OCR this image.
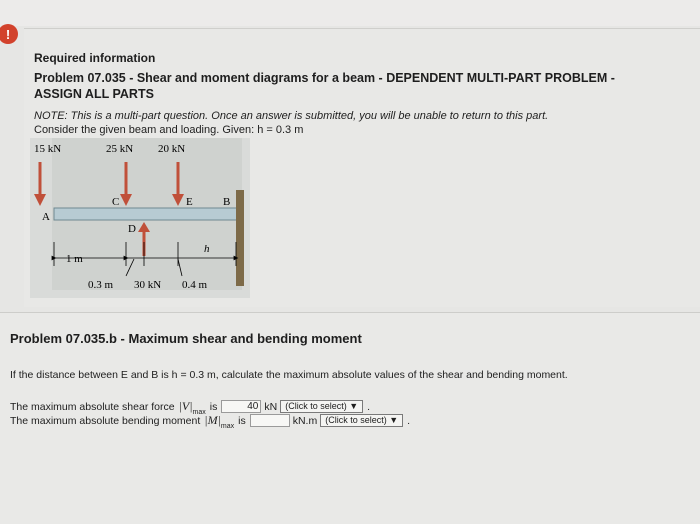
!
Required information
Problem 07.035 - Shear and moment diagrams for a beam - DEPENDENT MULTI-PART PROBLEM - ASSIGN ALL PARTS
NOTE: This is a multi-part question. Once an answer is submitted, you will be unable to return to this part.
Consider the given beam and loading. Given: h = 0.3 m
15 kN	25 kN 20 kN
C	E	B
A
D
1 m
h
0.3 m 30 kN 0.4 m
Problem 07.035.b - Maximum shear and bending moment
If the distance between E and B is h = 0.3 m, calculate the maximum absolute values of the shear and bending moment.
The maximum absolute shear force $|V|_{max}$ is	40 kN (Click to select) ▼ .
The maximum absolute bending moment $|M|_{max}$ is	kN.m (Click to select) ▼ .
